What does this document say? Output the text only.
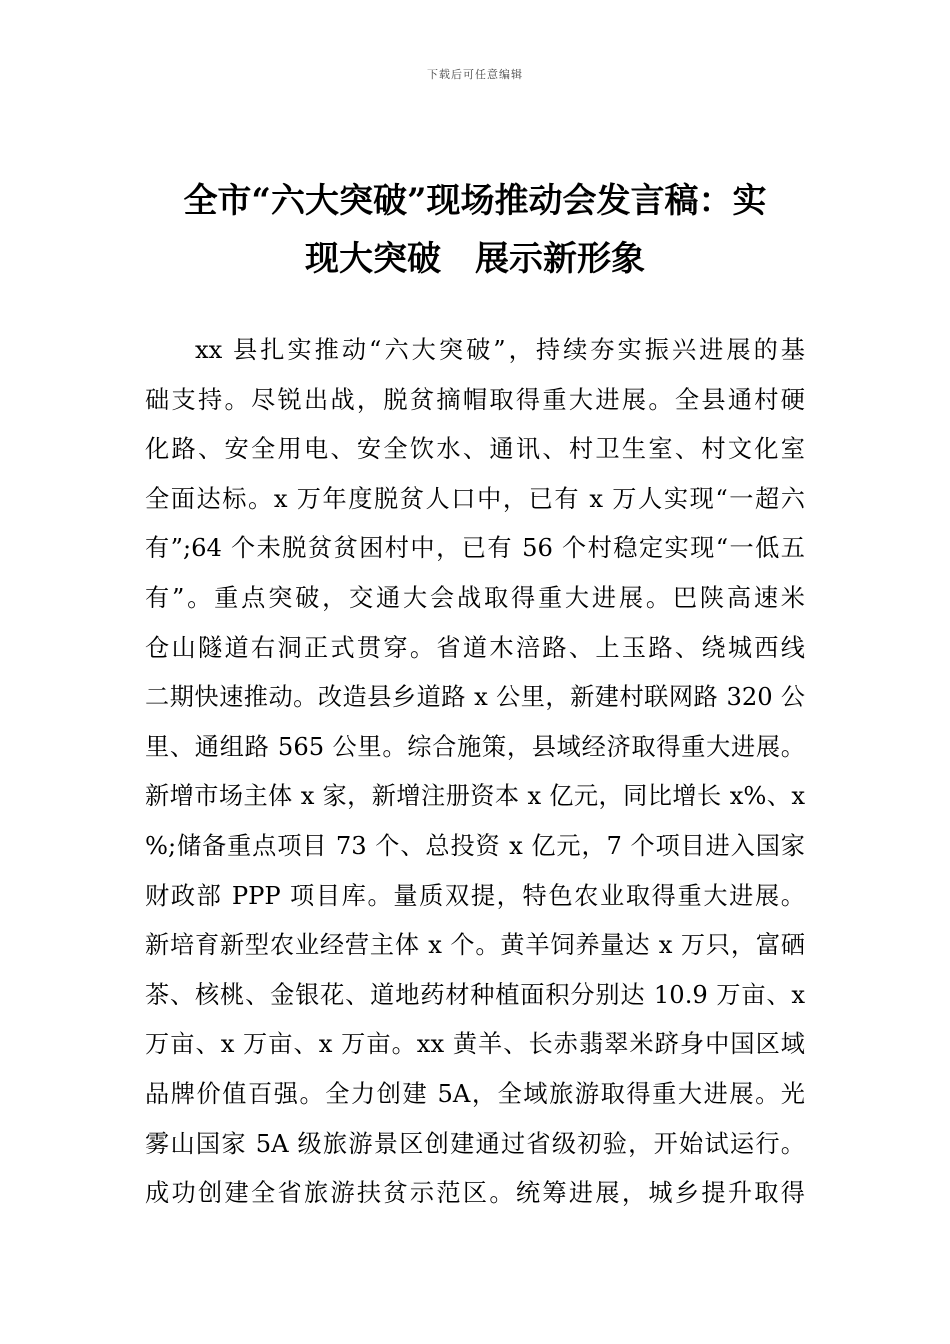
下载后可任意编辑
全市“六大突破”现场推动会发言稿：实
现大突破　展示新形象

xx 县扎实推动“六大突破”，持续夯实振兴进展的基
础支持。尽锐出战，脱贫摘帽取得重大进展。全县通村硬
化路、安全用电、安全饮水、通讯、村卫生室、村文化室
全面达标。x 万年度脱贫人口中，已有 x 万人实现“一超六
有”;64 个未脱贫贫困村中，已有 56 个村稳定实现“一低五
有”。重点突破，交通大会战取得重大进展。巴陕高速米
仓山隧道右洞正式贯穿。省道木涪路、上玉路、绕城西线
二期快速推动。改造县乡道路 x 公里，新建村联网路 320 公
里、通组路 565 公里。综合施策，县域经济取得重大进展。
新增市场主体 x 家，新增注册资本 x 亿元，同比增长 x%、x
%;储备重点项目 73 个、总投资 x 亿元，7 个项目进入国家
财政部 PPP 项目库。量质双提，特色农业取得重大进展。
新培育新型农业经营主体 x 个。黄羊饲养量达 x 万只，富硒
茶、核桃、金银花、道地药材种植面积分别达 10.9 万亩、x
万亩、x 万亩、x 万亩。xx 黄羊、长赤翡翠米跻身中国区域
品牌价值百强。全力创建 5A，全域旅游取得重大进展。光
雾山国家 5A 级旅游景区创建通过省级初验，开始试运行。
成功创建全省旅游扶贫示范区。统筹进展，城乡提升取得
